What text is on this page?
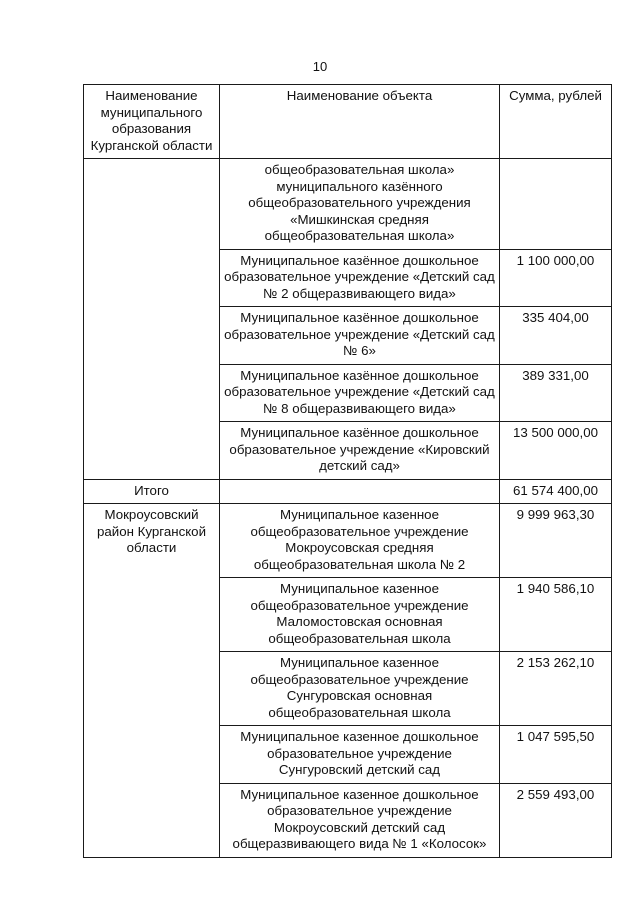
10
Наименование муниципального образования Курганской области	Наименование объекта	Сумма, рублей
	общеобразовательная школа» муниципального казённого общеобразовательного учреждения «Мишкинская средняя общеобразовательная школа»	
	Муниципальное казённое дошкольное образовательное учреждение «Детский сад № 2 общеразвивающего вида»	1 100 000,00
	Муниципальное казённое дошкольное образовательное учреждение «Детский сад № 6»	335 404,00
	Муниципальное казённое дошкольное образовательное учреждение «Детский сад № 8 общеразвивающего вида»	389 331,00
	Муниципальное казённое дошкольное образовательное учреждение «Кировский детский сад»	13 500 000,00
Итого		61 574 400,00
Мокроусовский район Курганской области	Муниципальное казенное общеобразовательное учреждение Мокроусовская средняя общеобразовательная школа № 2	9 999 963,30
	Муниципальное казенное общеобразовательное учреждение Маломостовская основная общеобразовательная школа	1 940 586,10
	Муниципальное казенное общеобразовательное учреждение Сунгуровская основная общеобразовательная школа	2 153 262,10
	Муниципальное казенное дошкольное образовательное учреждение Сунгуровский детский сад	1 047 595,50
	Муниципальное казенное дошкольное образовательное учреждение Мокроусовский детский сад общеразвивающего вида № 1 «Колосок»	2 559 493,00
